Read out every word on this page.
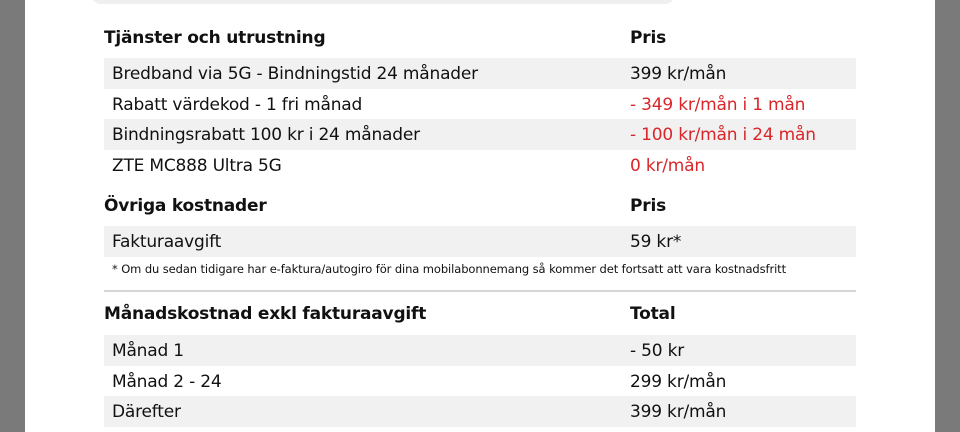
Tjänster och utrustning	Pris
Bredband via 5G - Bindningstid 24 månader	399 kr/mån
Rabatt värdekod - 1 fri månad	- 349 kr/mån i 1 mån
Bindningsrabatt 100 kr i 24 månader	- 100 kr/mån i 24 mån
ZTE MC888 Ultra 5G	0 kr/mån
Övriga kostnader	Pris
Fakturaavgift	59 kr*
* Om du sedan tidigare har e-faktura/autogiro för dina mobilabonnemang så kommer det fortsatt att vara kostnadsfritt
Månadskostnad exkl fakturaavgift	Total
Månad 1	- 50 kr
Månad 2 - 24	299 kr/mån
Därefter	399 kr/mån
